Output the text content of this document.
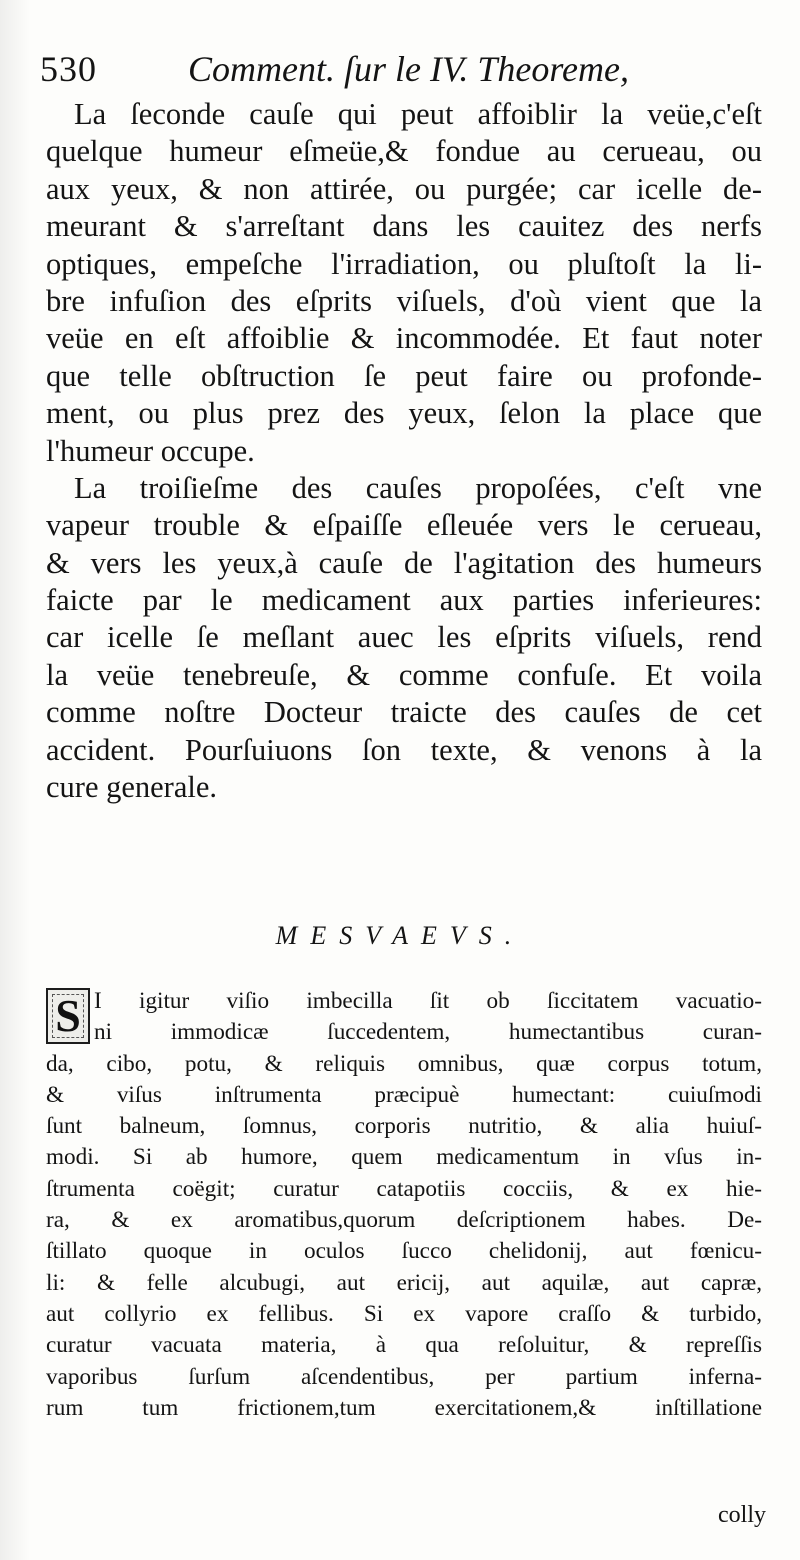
530	Comment. ſur le IV. Theoreme,
La ſeconde cauſe qui peut affoiblir la veüe,c'eſt
quelque humeur eſmeüe,& fondue au cerueau, ou
aux yeux, & non attirée, ou purgée; car icelle de-
meurant & s'arreſtant dans les cauitez des nerfs
optiques, empeſche l'irradiation, ou pluſtoſt la li-
bre infuſion des eſprits viſuels, d'où vient que la
veüe en eſt affoiblie & incommodée. Et faut noter
que telle obſtruction ſe peut faire ou profonde-
ment, ou plus prez des yeux, ſelon la place que
l'humeur occupe.
La troiſieſme des cauſes propoſées, c'eſt vne
vapeur trouble & eſpaiſſe eſleuée vers le cerueau,
& vers les yeux,à cauſe de l'agitation des humeurs
faicte par le medicament aux parties inferieures:
car icelle ſe meſlant auec les eſprits viſuels, rend
la veüe tenebreuſe, & comme confuſe. Et voila
comme noſtre Docteur traicte des cauſes de cet
accident. Pourſuiuons ſon texte, & venons à la
cure generale.
MESVAEVS.
S I igitur viſio imbecilla ſit ob ſiccitatem vacuatio-
ni immodicæ ſuccedentem, humectantibus curan-
da, cibo, potu, & reliquis omnibus, quæ corpus totum,
& viſus inſtrumenta præcipuè humectant: cuiuſmodi
ſunt balneum, ſomnus, corporis nutritio, & alia huiuſ-
modi. Si ab humore, quem medicamentum in vſus in-
ſtrumenta coëgit; curatur catapotiis cocciis, & ex hie-
ra, & ex aromatibus,quorum deſcriptionem habes. De-
ſtillato quoque in oculos ſucco chelidonij, aut fœnicu-
li: & felle alcubugi, aut ericij, aut aquilæ, aut capræ,
aut collyrio ex fellibus. Si ex vapore craſſo & turbido,
curatur vacuata materia, à qua reſoluitur, & repreſſis
vaporibus ſurſum aſcendentibus, per partium inferna-
rum tum frictionem,tum exercitationem,& inſtillatione
colly
